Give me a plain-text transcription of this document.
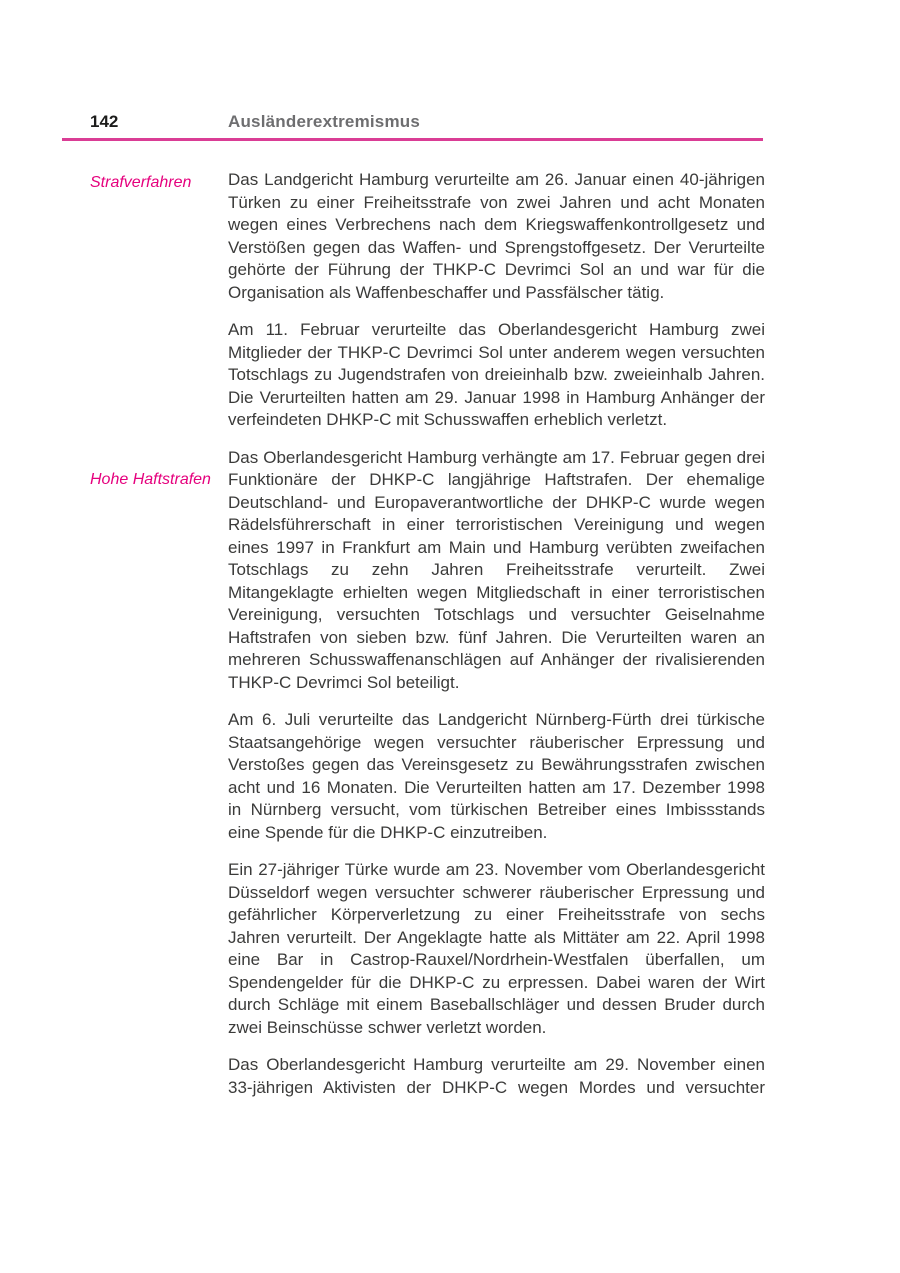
142	Ausländerextremismus
Strafverfahren
Hohe Haftstrafen

Das Landgericht Hamburg verurteilte am 26. Januar einen 40-jährigen Türken zu einer Freiheitsstrafe von zwei Jahren und acht Monaten wegen eines Verbrechens nach dem Kriegswaffenkontrollgesetz und Verstößen gegen das Waffen- und Sprengstoffgesetz. Der Verurteilte gehörte der Führung der THKP-C Devrimci Sol an und war für die Organisation als Waffenbeschaffer und Passfälscher tätig.

Am 11. Februar verurteilte das Oberlandesgericht Hamburg zwei Mitglieder der THKP-C Devrimci Sol unter anderem wegen versuchten Totschlags zu Jugendstrafen von dreieinhalb bzw. zweieinhalb Jahren. Die Verurteilten hatten am 29. Januar 1998 in Hamburg Anhänger der verfeindeten DHKP-C mit Schusswaffen erheblich verletzt.

Das Oberlandesgericht Hamburg verhängte am 17. Februar gegen drei Funktionäre der DHKP-C langjährige Haftstrafen. Der ehemalige Deutschland- und Europaverantwortliche der DHKP-C wurde wegen Rädelsführerschaft in einer terroristischen Vereinigung und wegen eines 1997 in Frankfurt am Main und Hamburg verübten zweifachen Totschlags zu zehn Jahren Freiheitsstrafe verurteilt. Zwei Mitangeklagte erhielten wegen Mitgliedschaft in einer terroristischen Vereinigung, versuchten Totschlags und versuchter Geiselnahme Haftstrafen von sieben bzw. fünf Jahren. Die Verurteilten waren an mehreren Schusswaffenanschlägen auf Anhänger der rivalisierenden THKP-C Devrimci Sol beteiligt.

Am 6. Juli verurteilte das Landgericht Nürnberg-Fürth drei türkische Staatsangehörige wegen versuchter räuberischer Erpressung und Verstoßes gegen das Vereinsgesetz zu Bewährungsstrafen zwischen acht und 16 Monaten. Die Verurteilten hatten am 17. Dezember 1998 in Nürnberg versucht, vom türkischen Betreiber eines Imbissstands eine Spende für die DHKP-C einzutreiben.

Ein 27-jähriger Türke wurde am 23. November vom Oberlandesgericht Düsseldorf wegen versuchter schwerer räuberischer Erpressung und gefährlicher Körperverletzung zu einer Freiheitsstrafe von sechs Jahren verurteilt. Der Angeklagte hatte als Mittäter am 22. April 1998 eine Bar in Castrop-Rauxel/Nordrhein-Westfalen überfallen, um Spendengelder für die DHKP-C zu erpressen. Dabei waren der Wirt durch Schläge mit einem Baseballschläger und dessen Bruder durch zwei Beinschüsse schwer verletzt worden.

Das Oberlandesgericht Hamburg verurteilte am 29. November einen 33-jährigen Aktivisten der DHKP-C wegen Mordes und versuchter
